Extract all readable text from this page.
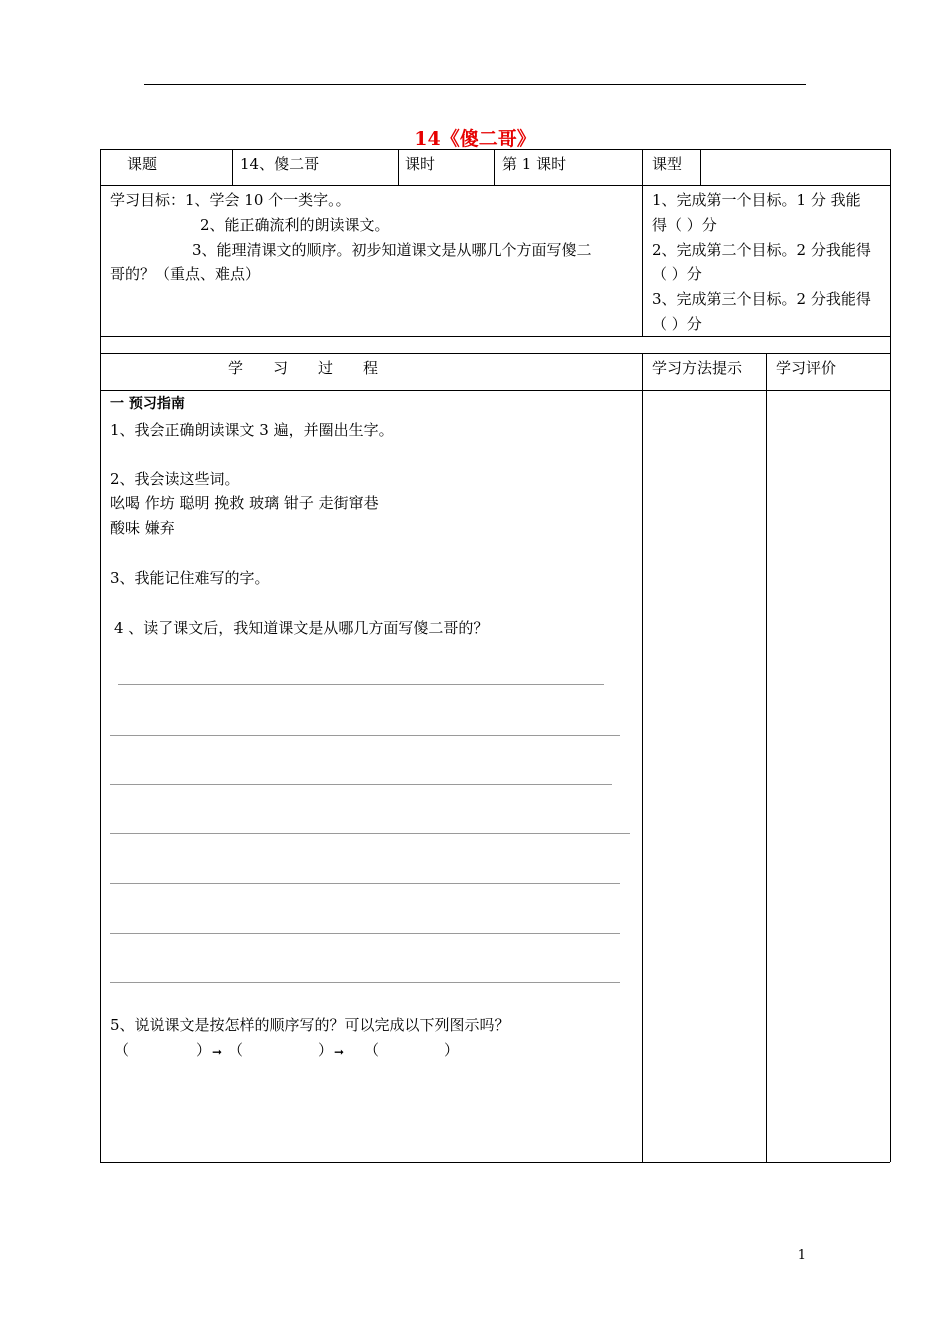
14《傻二哥》
课题	14、傻二哥	课时	第 1 课时	课型
学习目标：1、学会 10 个一类字。。
2、能正确流利的朗读课文。
3、能理清课文的顺序。初步知道课文是从哪几个方面写傻二
哥的？（重点、难点）
1、完成第一个目标。1 分 我能
得（ ）分
2、完成第二个目标。2 分我能得
（ ）分
3、完成第三个目标。2 分我能得
（ ）分
学　　习　　过　　程	学习方法提示 学习评价
一 预习指南
1、我会正确朗读课文 3 遍，并圈出生字。
2、我会读这些词。
吆喝 作坊 聪明 挽救 玻璃 钳子 走街窜巷
酸味 嫌弃
3、我能记住难写的字。
4 、读了课文后，我知道课文是从哪几方面写傻二哥的？
5、说说课文是按怎样的顺序写的？可以完成以下列图示吗？
（	） ➞ （	） ➞ （	）
1
